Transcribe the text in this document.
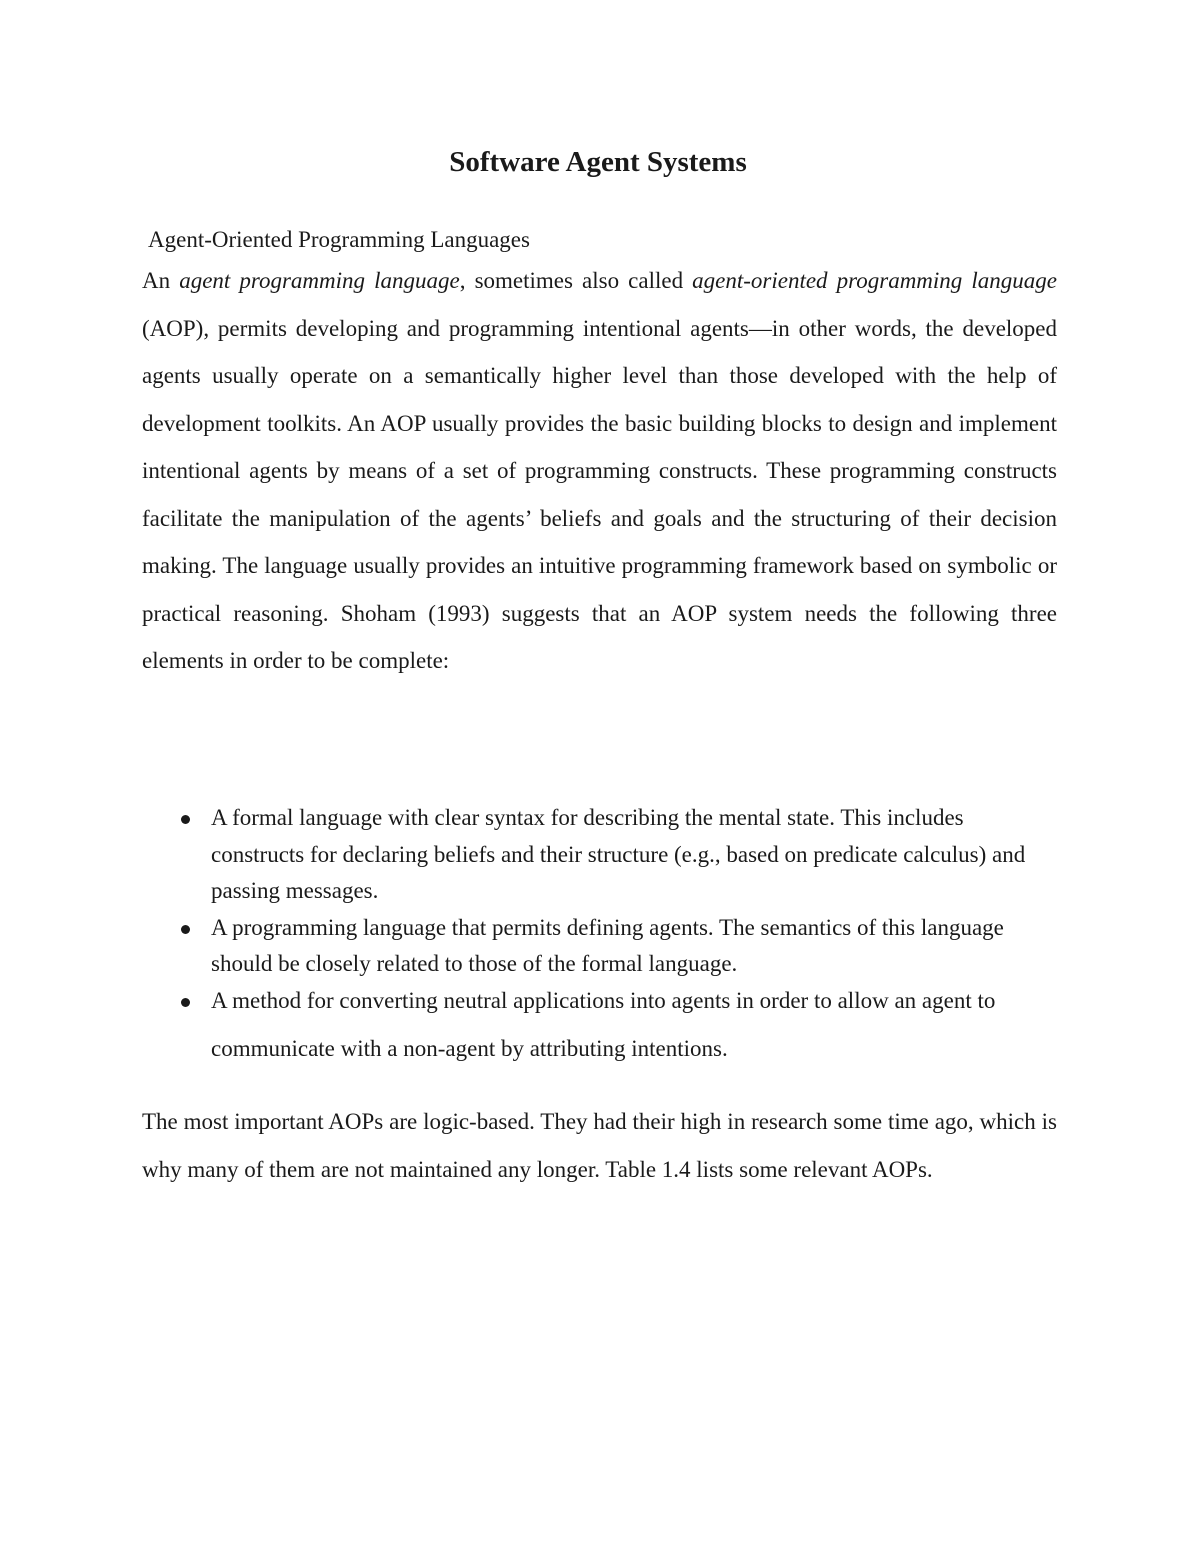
Software Agent Systems

Agent-Oriented Programming Languages

An agent programming language, sometimes also called agent-oriented programming language (AOP), permits developing and programming intentional agents—in other words, the developed agents usually operate on a semantically higher level than those developed with the help of development toolkits. An AOP usually provides the basic building blocks to design and implement intentional agents by means of a set of programming constructs. These programming constructs facilitate the manipulation of the agents’ beliefs and goals and the structuring of their decision making. The language usually provides an intuitive programming framework based on symbolic or practical reasoning. Shoham (1993) suggests that an AOP system needs the following three elements in order to be complete:

A formal language with clear syntax for describing the mental state. This includes constructs for declaring beliefs and their structure (e.g., based on predicate calculus) and passing messages.
A programming language that permits defining agents. The semantics of this language should be closely related to those of the formal language.
A method for converting neutral applications into agents in order to allow an agent to communicate with a non-agent by attributing intentions.

The most important AOPs are logic-based. They had their high in research some time ago, which is why many of them are not maintained any longer. Table 1.4 lists some relevant AOPs.
